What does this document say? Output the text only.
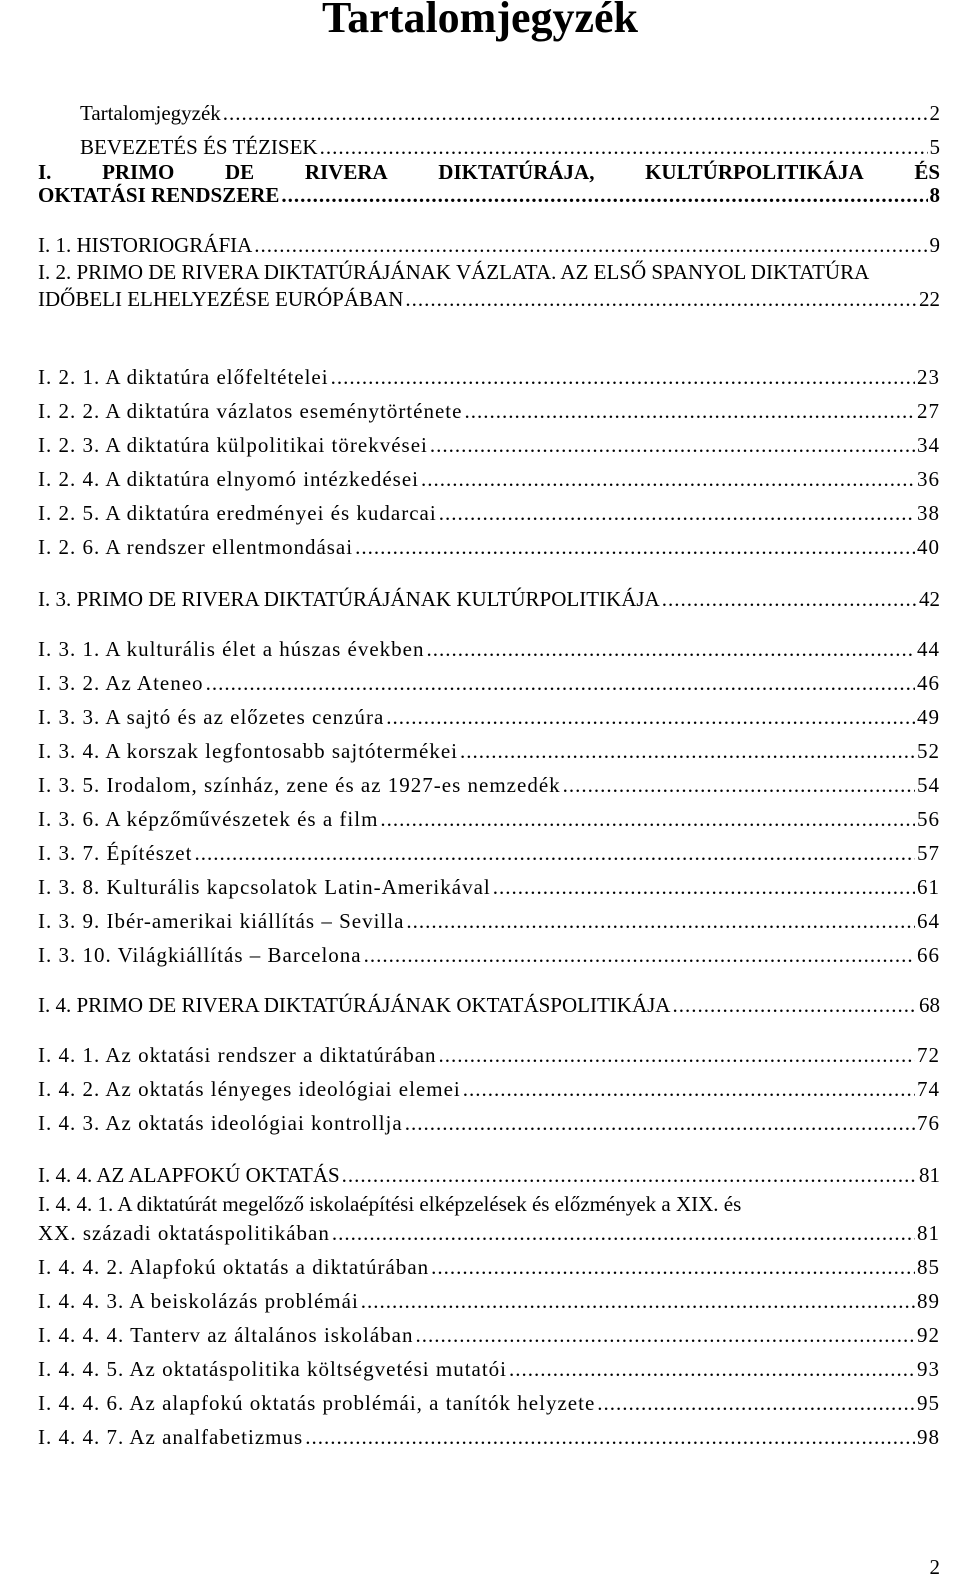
Tartalomjegyzék
Tartalomjegyzék .....	2
BEVEZETÉS ÉS TÉZISEK .....	5
I. PRIMO DE RIVERA DIKTATÚRÁJA, KULTÚRPOLITIKÁJA ÉS
OKTATÁSI RENDSZERE .....	8
I. 1. HISTORIOGRÁFIA .....	9
I. 2. PRIMO DE RIVERA DIKTATÚRÁJÁNAK VÁZLATA. AZ ELSŐ SPANYOL DIKTATÚRA
IDŐBELI ELHELYEZÉSE EURÓPÁBAN .....	22
I. 2. 1. A diktatúra előfeltételei .....	23
I. 2. 2. A diktatúra vázlatos eseménytörténete .....	27
I. 2. 3. A diktatúra külpolitikai törekvései .....	34
I. 2. 4. A diktatúra elnyomó intézkedései .....	36
I. 2. 5. A diktatúra eredményei és kudarcai .....	38
I. 2. 6. A rendszer ellentmondásai .....	40
I. 3. PRIMO DE RIVERA DIKTATÚRÁJÁNAK KULTÚRPOLITIKÁJA .....	42
I. 3. 1. A kulturális élet a húszas években .....	44
I. 3. 2. Az Ateneo .....	46
I. 3. 3. A sajtó és az előzetes cenzúra .....	49
I. 3. 4. A korszak legfontosabb sajtótermékei .....	52
I. 3. 5. Irodalom, színház, zene és az 1927-es nemzedék .....	54
I. 3. 6. A képzőművészetek és a film .....	56
I. 3. 7. Építészet .....	57
I. 3. 8. Kulturális kapcsolatok Latin-Amerikával .....	61
I. 3. 9. Ibér-amerikai kiállítás – Sevilla .....	64
I. 3. 10. Világkiállítás – Barcelona .....	66
I. 4. PRIMO DE RIVERA DIKTATÚRÁJÁNAK OKTATÁSPOLITIKÁJA .....	68
I. 4. 1. Az oktatási rendszer a diktatúrában .....	72
I. 4. 2. Az oktatás lényeges ideológiai elemei .....	74
I. 4. 3. Az oktatás ideológiai kontrollja .....	76
I. 4. 4. AZ ALAPFOKÚ OKTATÁS .....	81
I. 4. 4. 1. A diktatúrát megelőző iskolaépítési elképzelések és előzmények a XIX. és
XX. századi oktatáspolitikában .....	81
I. 4. 4. 2. Alapfokú oktatás a diktatúrában .....	85
I. 4. 4. 3. A beiskolázás problémái .....	89
I. 4. 4. 4. Tanterv az általános iskolában .....	92
I. 4. 4. 5. Az oktatáspolitika költségvetési mutatói .....	93
I. 4. 4. 6. Az alapfokú oktatás problémái, a tanítók helyzete .....	95
I. 4. 4. 7. Az analfabetizmus .....	98
2
